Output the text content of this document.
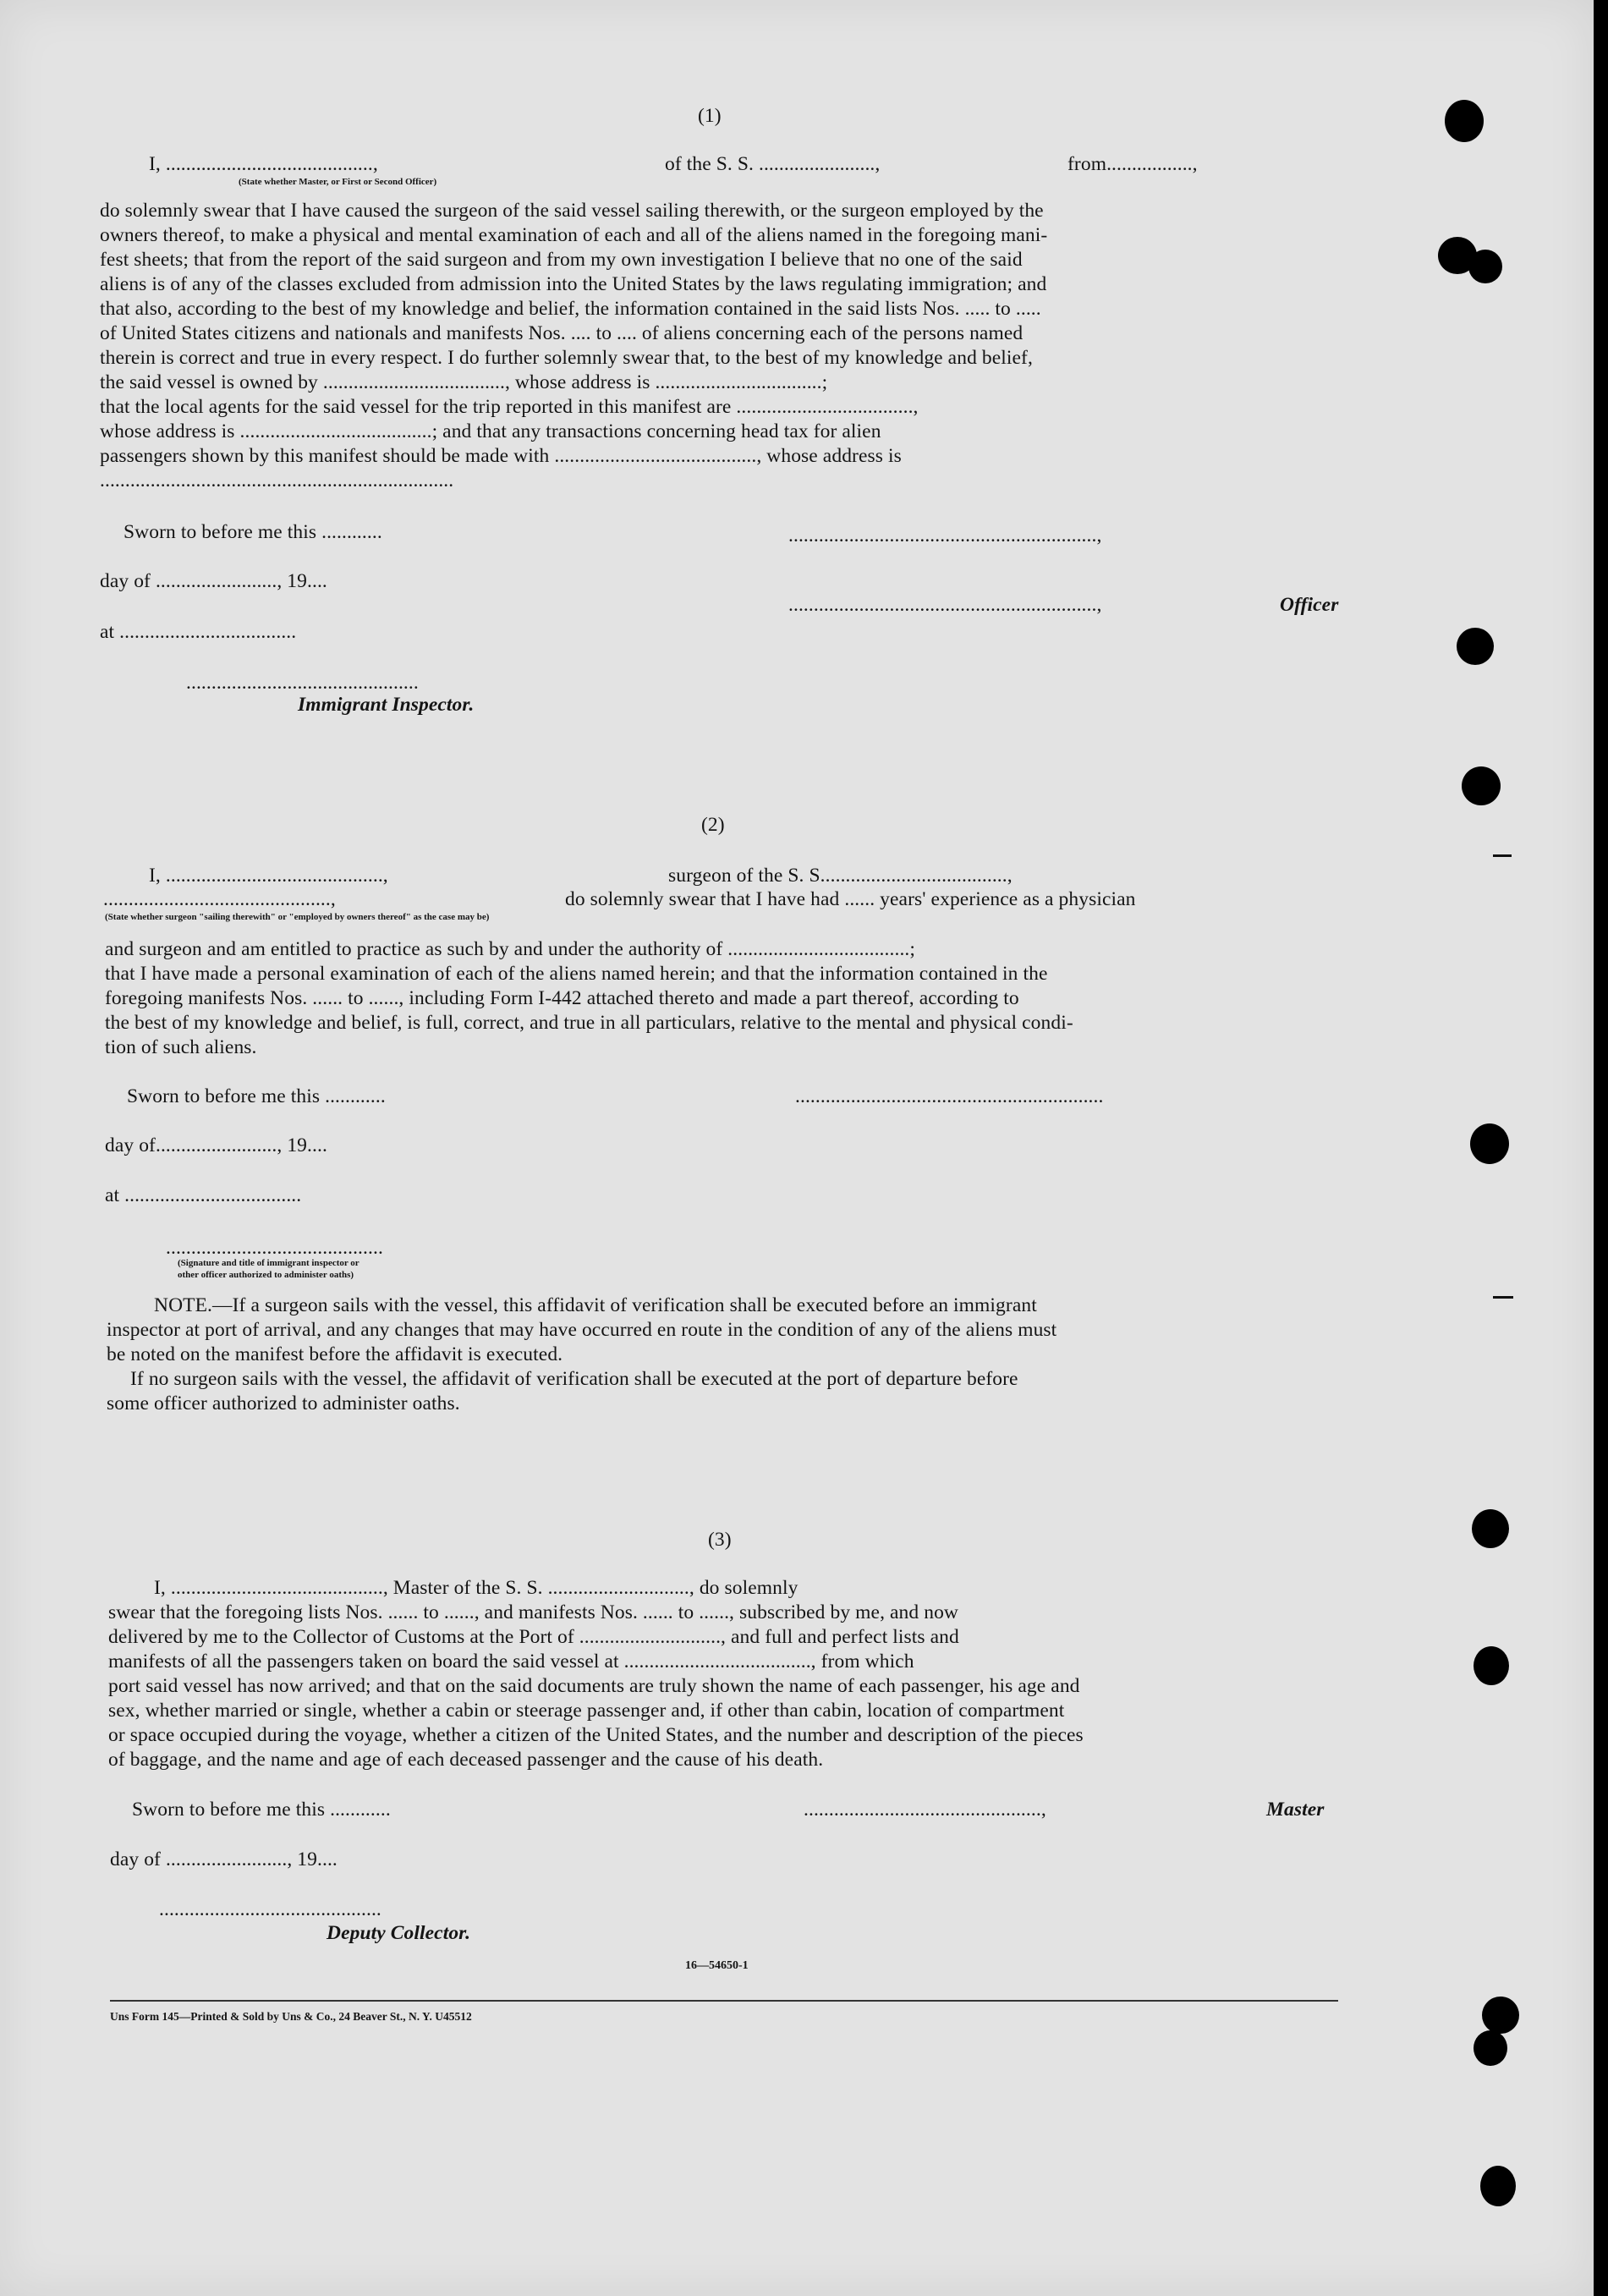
(1)
I, .........................................,	of the S. S. .......................,	from.................,
(State whether Master, or First or Second Officer)
do solemnly swear that I have caused the surgeon of the said vessel sailing therewith, or the surgeon employed by the
owners thereof, to make a physical and mental examination of each and all of the aliens named in the foregoing mani-
fest sheets; that from the report of the said surgeon and from my own investigation I believe that no one of the said
aliens is of any of the classes excluded from admission into the United States by the laws regulating immigration; and
that also, according to the best of my knowledge and belief, the information contained in the said lists Nos. ..... to .....
of United States citizens and nationals and manifests Nos. .... to .... of aliens concerning each of the persons named
therein is correct and true in every respect. I do further solemnly swear that, to the best of my knowledge and belief,
the said vessel is owned by ...................................., whose address is .................................;
that the local agents for the said vessel for the trip reported in this manifest are ...................................,
whose address is ......................................; and that any transactions concerning head tax for alien
passengers shown by this manifest should be made with ........................................, whose address is
......................................................................
Sworn to before me this ............	.............................................................,
day of ........................, 19....
.............................................................,	Officer
at ...................................
..............................................
Immigrant Inspector.
(2)
I, ...........................................,	surgeon of the S. S.....................................,
.............................................,	do solemnly swear that I have had ...... years' experience as a physician
(State whether surgeon "sailing therewith" or "employed by owners thereof" as the case may be)
and surgeon and am entitled to practice as such by and under the authority of ....................................;
that I have made a personal examination of each of the aliens named herein; and that the information contained in the
foregoing manifests Nos. ...... to ......, including Form I-442 attached thereto and made a part thereof, according to
the best of my knowledge and belief, is full, correct, and true in all particulars, relative to the mental and physical condi-
tion of such aliens.
Sworn to before me this ............	.............................................................
day of........................, 19....
at ...................................
...........................................
(Signature and title of immigrant inspector or
other officer authorized to administer oaths)
NOTE.—If a surgeon sails with the vessel, this affidavit of verification shall be executed before an immigrant
inspector at port of arrival, and any changes that may have occurred en route in the condition of any of the aliens must
be noted on the manifest before the affidavit is executed.
If no surgeon sails with the vessel, the affidavit of verification shall be executed at the port of departure before
some officer authorized to administer oaths.
(3)
I, .........................................., Master of the S. S. ............................, do solemnly
swear that the foregoing lists Nos. ...... to ......, and manifests Nos. ...... to ......, subscribed by me, and now
delivered by me to the Collector of Customs at the Port of ............................, and full and perfect lists and
manifests of all the passengers taken on board the said vessel at ....................................., from which
port said vessel has now arrived; and that on the said documents are truly shown the name of each passenger, his age and
sex, whether married or single, whether a cabin or steerage passenger and, if other than cabin, location of compartment
or space occupied during the voyage, whether a citizen of the United States, and the number and description of the pieces
of baggage, and the name and age of each deceased passenger and the cause of his death.
Sworn to before me this ............	...............................................,	Master
day of ........................, 19....
............................................
Deputy Collector.
16—54650-1
Uns Form 145—Printed & Sold by Uns & Co., 24 Beaver St., N. Y. U45512
